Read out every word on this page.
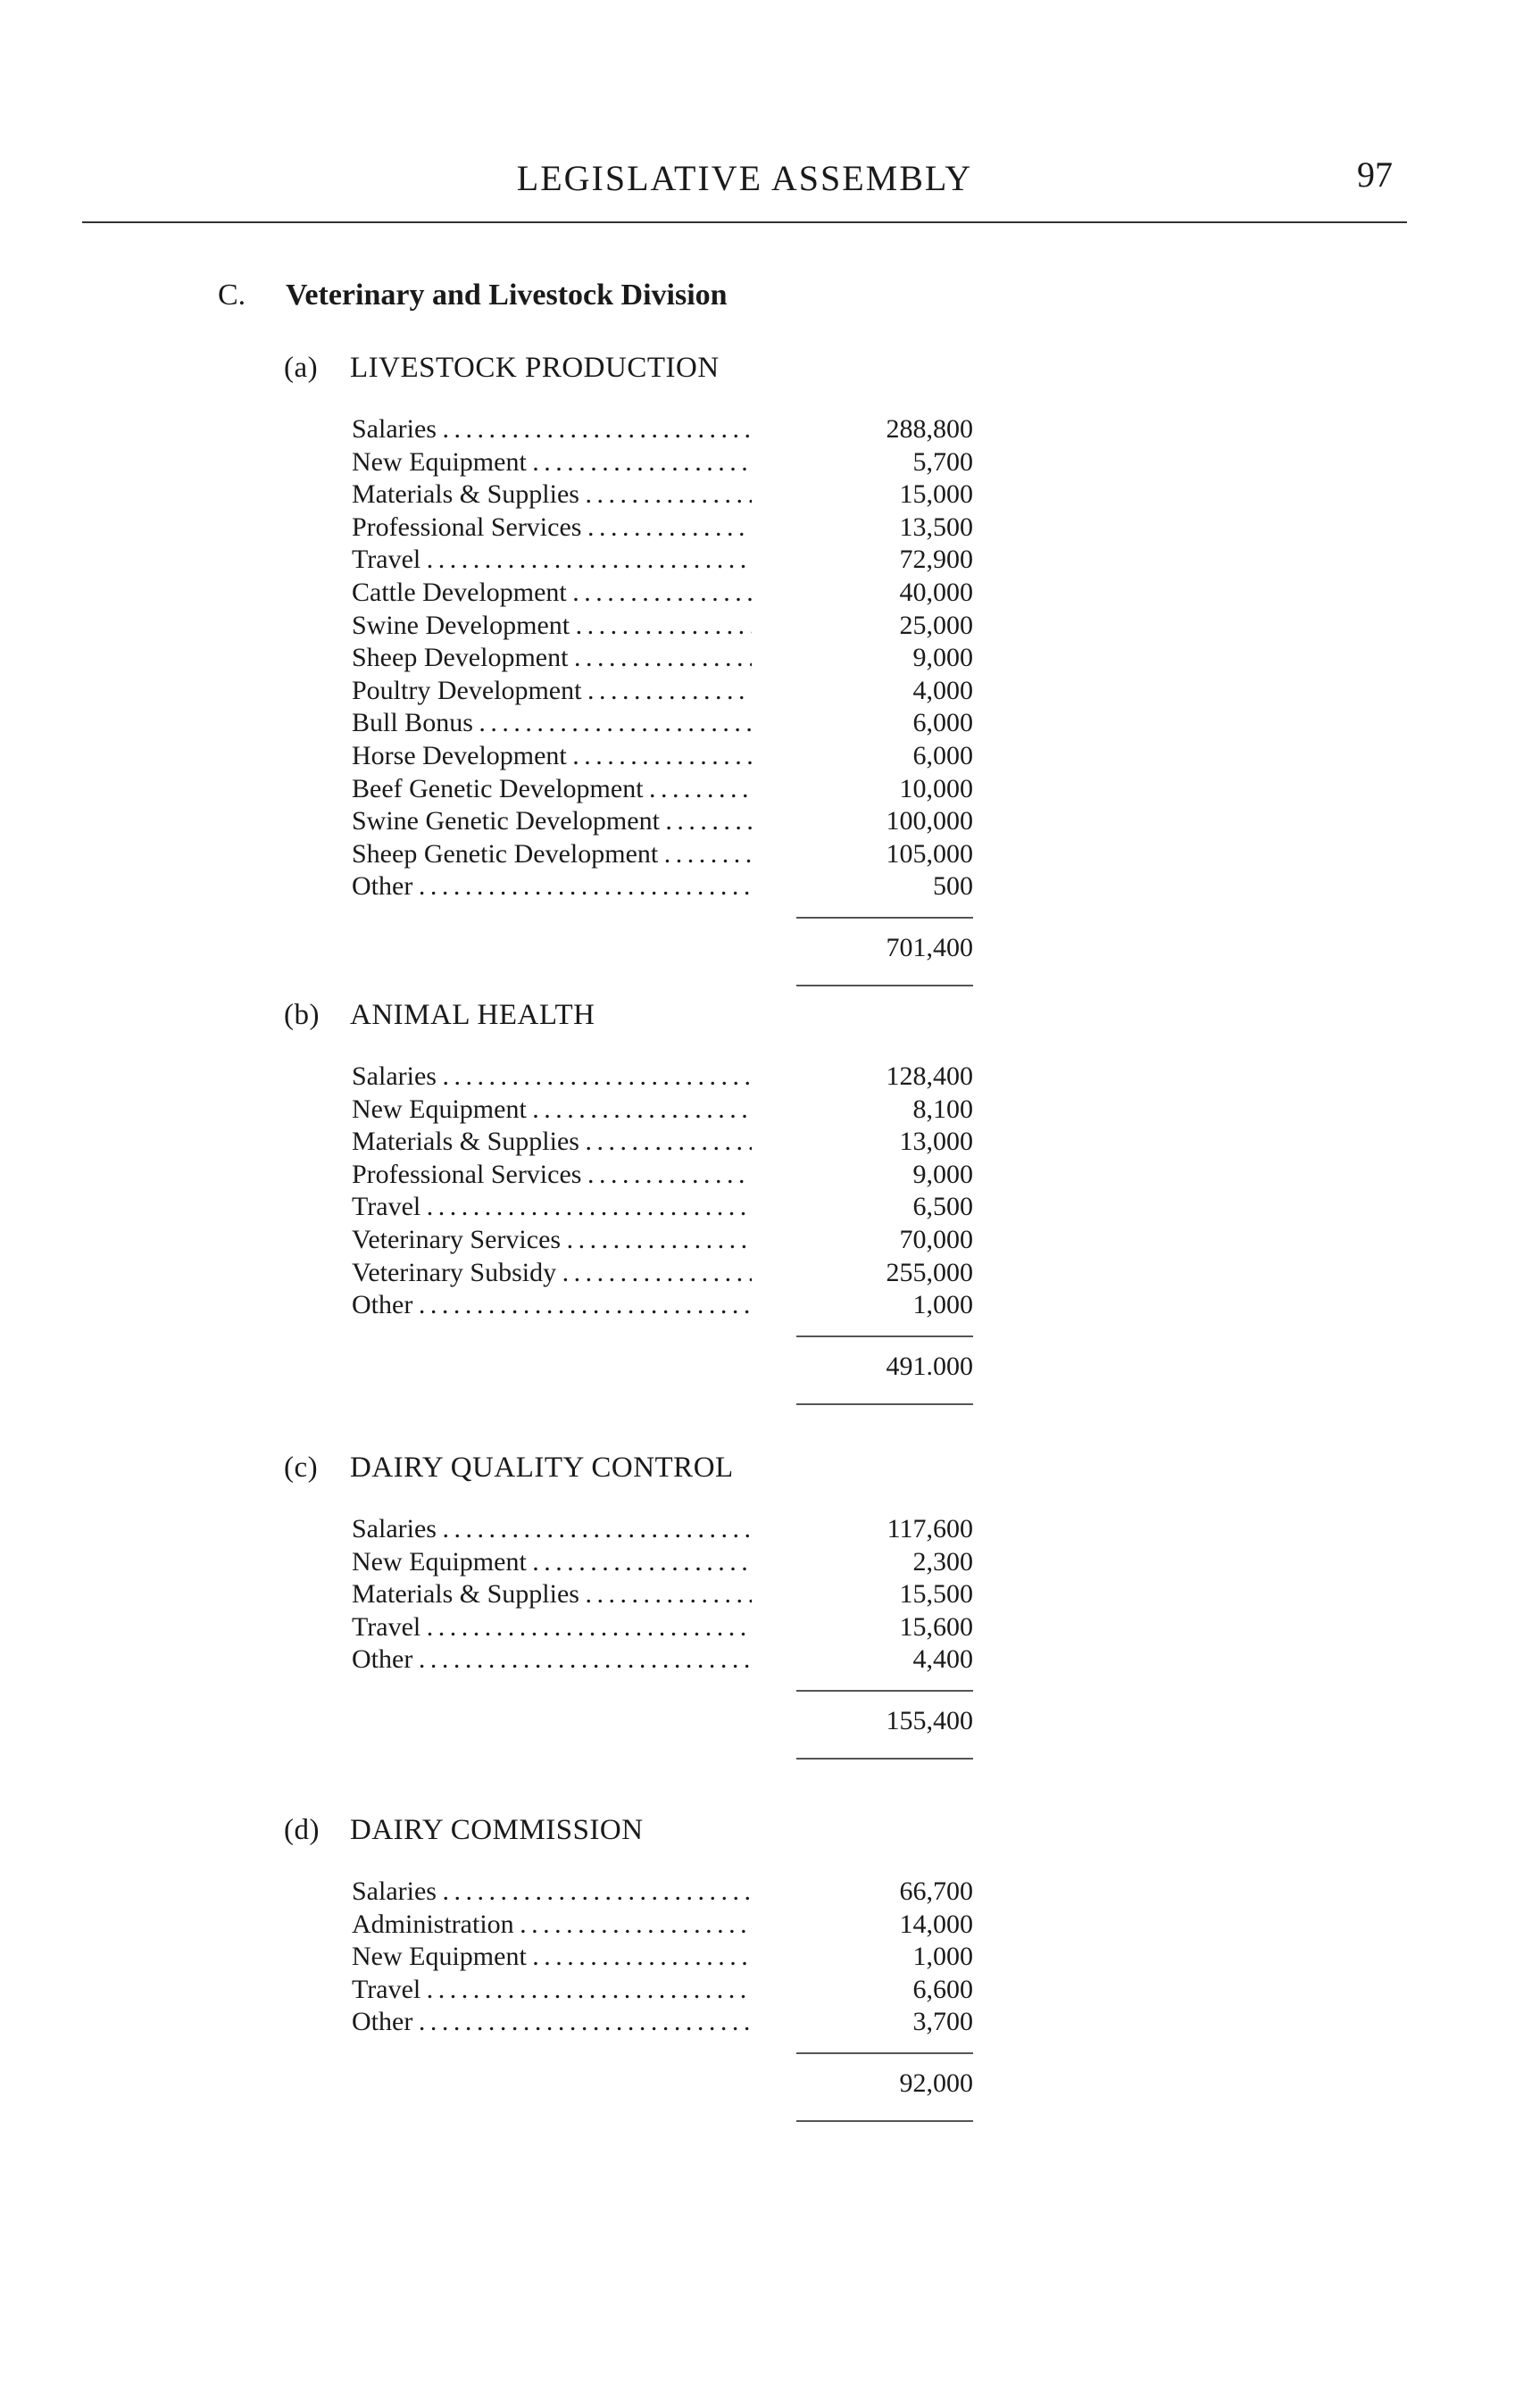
LEGISLATIVE ASSEMBLY	97
C. Veterinary and Livestock Division
(a)	LIVESTOCK PRODUCTION
Salaries . . .	288,800
New Equipment . . .	5,700
Materials & Supplies . . .	15,000
Professional Services . . .	13,500
Travel . . .	72,900
Cattle Development . . .	40,000
Swine Development . . .	25,000
Sheep Development . . .	9,000
Poultry Development . . .	4,000
Bull Bonus . . .	6,000
Horse Development . . .	6,000
Beef Genetic Development . . .	10,000
Swine Genetic Development . . .	100,000
Sheep Genetic Development . . .	105,000
Other . . .	500
701,400
(b)	ANIMAL HEALTH
Salaries . . .	128,400
New Equipment . . .	8,100
Materials & Supplies . . .	13,000
Professional Services . . .	9,000
Travel . . .	6,500
Veterinary Services . . .	70,000
Veterinary Subsidy . . .	255,000
Other . . .	1,000
491.000
(c)	DAIRY QUALITY CONTROL
Salaries . . .	117,600
New Equipment . . .	2,300
Materials & Supplies . . .	15,500
Travel . . .	15,600
Other . . .	4,400
155,400
(d)	DAIRY COMMISSION
Salaries . . .	66,700
Administration . . .	14,000
New Equipment . . .	1,000
Travel . . .	6,600
Other . . .	3,700
92,000
